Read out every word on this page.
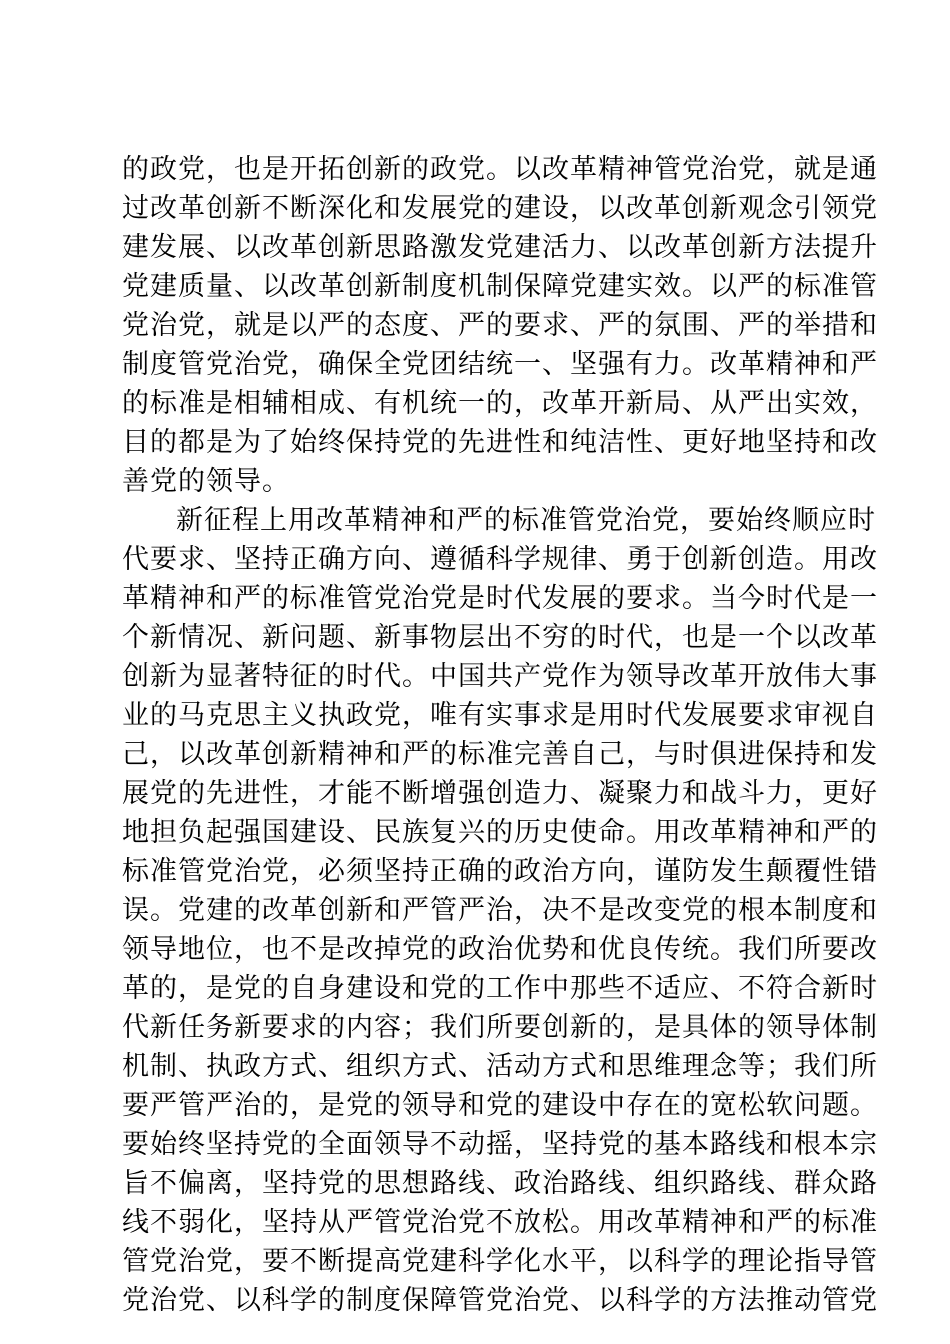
的政党，也是开拓创新的政党。以改革精神管党治党，就是通
过改革创新不断深化和发展党的建设，以改革创新观念引领党
建发展、以改革创新思路激发党建活力、以改革创新方法提升
党建质量、以改革创新制度机制保障党建实效。以严的标准管
党治党，就是以严的态度、严的要求、严的氛围、严的举措和
制度管党治党，确保全党团结统一、坚强有力。改革精神和严
的标准是相辅相成、有机统一的，改革开新局、从严出实效，
目的都是为了始终保持党的先进性和纯洁性、更好地坚持和改
善党的领导。
新征程上用改革精神和严的标准管党治党，要始终顺应时
代要求、坚持正确方向、遵循科学规律、勇于创新创造。用改
革精神和严的标准管党治党是时代发展的要求。当今时代是一
个新情况、新问题、新事物层出不穷的时代，也是一个以改革
创新为显著特征的时代。中国共产党作为领导改革开放伟大事
业的马克思主义执政党，唯有实事求是用时代发展要求审视自
己，以改革创新精神和严的标准完善自己，与时俱进保持和发
展党的先进性，才能不断增强创造力、凝聚力和战斗力，更好
地担负起强国建设、民族复兴的历史使命。用改革精神和严的
标准管党治党，必须坚持正确的政治方向，谨防发生颠覆性错
误。党建的改革创新和严管严治，决不是改变党的根本制度和
领导地位，也不是改掉党的政治优势和优良传统。我们所要改
革的，是党的自身建设和党的工作中那些不适应、不符合新时
代新任务新要求的内容；我们所要创新的，是具体的领导体制
机制、执政方式、组织方式、活动方式和思维理念等；我们所
要严管严治的，是党的领导和党的建设中存在的宽松软问题。
要始终坚持党的全面领导不动摇，坚持党的基本路线和根本宗
旨不偏离，坚持党的思想路线、政治路线、组织路线、群众路
线不弱化，坚持从严管党治党不放松。用改革精神和严的标准
管党治党，要不断提高党建科学化水平，以科学的理论指导管
党治党、以科学的制度保障管党治党、以科学的方法推动管党
